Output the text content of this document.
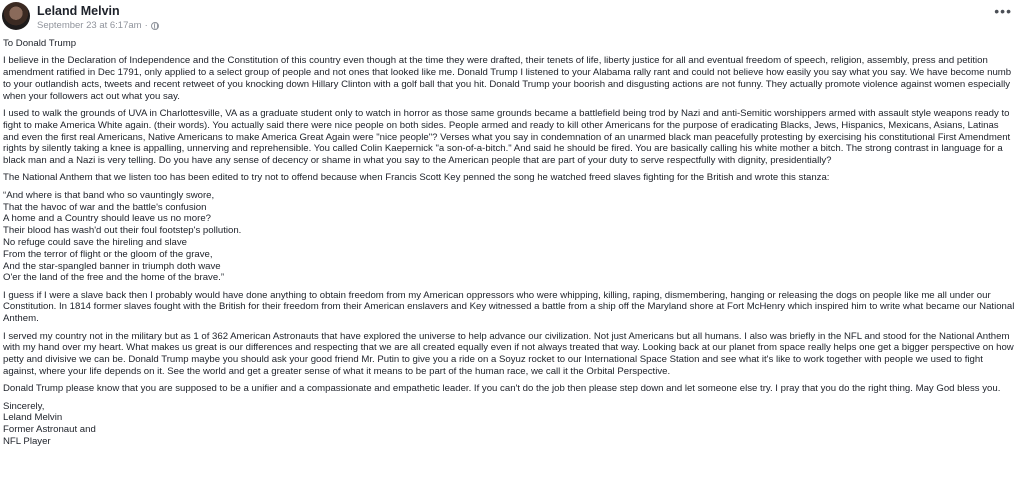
Leland Melvin
September 23 at 6:17am ·
•••

To Donald Trump

I believe in the Declaration of Independence and the Constitution of this country even though at the time they were drafted, their tenets of life, liberty justice for all and eventual freedom of speech, religion, assembly, press and petition amendment ratified in Dec 1791, only applied to a select group of people and not ones that looked like me. Donald Trump I listened to your Alabama rally rant and could not believe how easily you say what you say. We have become numb to your outlandish acts, tweets and recent retweet of you knocking down Hillary Clinton with a golf ball that you hit. Donald Trump your boorish and disgusting actions are not funny. They actually promote violence against women especially when your followers act out what you say.

I used to walk the grounds of UVA in Charlottesville, VA as a graduate student only to watch in horror as those same grounds became a battlefield being trod by Nazi and anti-Semitic worshippers armed with assault style weapons ready to fight to make America White again. (their words). You actually said there were nice people on both sides. People armed and ready to kill other Americans for the purpose of eradicating Blacks, Jews, Hispanics, Mexicans, Asians, Latinas and even the first real Americans, Native Americans to make America Great Again were "nice people"? Verses what you say in condemnation of an unarmed black man peacefully protesting by exercising his constitutional First Amendment rights by silently taking a knee is appalling, unnerving and reprehensible. You called Colin Kaepernick "a son-of-a-bitch." And said he should be fired. You are basically calling his white mother a bitch. The strong contrast in language for a black man and a Nazi is very telling. Do you have any sense of decency or shame in what you say to the American people that are part of your duty to serve respectfully with dignity, presidentially?

The National Anthem that we listen too has been edited to try not to offend because when Francis Scott Key penned the song he watched freed slaves fighting for the British and wrote this stanza:

“And where is that band who so vauntingly swore,

That the havoc of war and the battle's confusion

A home and a Country should leave us no more?

Their blood has wash'd out their foul footstep's pollution.

No refuge could save the hireling and slave

From the terror of flight or the gloom of the grave,

And the star-spangled banner in triumph doth wave

O'er the land of the free and the home of the brave.”

I guess if I were a slave back then I probably would have done anything to obtain freedom from my American oppressors who were whipping, killing, raping, dismembering, hanging or releasing the dogs on people like me all under our Constitution. In 1814 former slaves fought with the British for their freedom from their American enslavers and Key witnessed a battle from a ship off the Maryland shore at Fort McHenry which inspired him to write what became our National Anthem.

I served my country not in the military but as 1 of 362 American Astronauts that have explored the universe to help advance our civilization. Not just Americans but all humans. I also was briefly in the NFL and stood for the National Anthem with my hand over my heart. What makes us great is our differences and respecting that we are all created equally even if not always treated that way. Looking back at our planet from space really helps one get a bigger perspective on how petty and divisive we can be. Donald Trump maybe you should ask your good friend Mr. Putin to give you a ride on a Soyuz rocket to our International Space Station and see what it's like to work together with people we used to fight against, where your life depends on it. See the world and get a greater sense of what it means to be part of the human race, we call it the Orbital Perspective.

Donald Trump please know that you are supposed to be a unifier and a compassionate and empathetic leader. If you can't do the job then please step down and let someone else try. I pray that you do the right thing. May God bless you.

Sincerely,

Leland Melvin

Former Astronaut and

NFL Player
